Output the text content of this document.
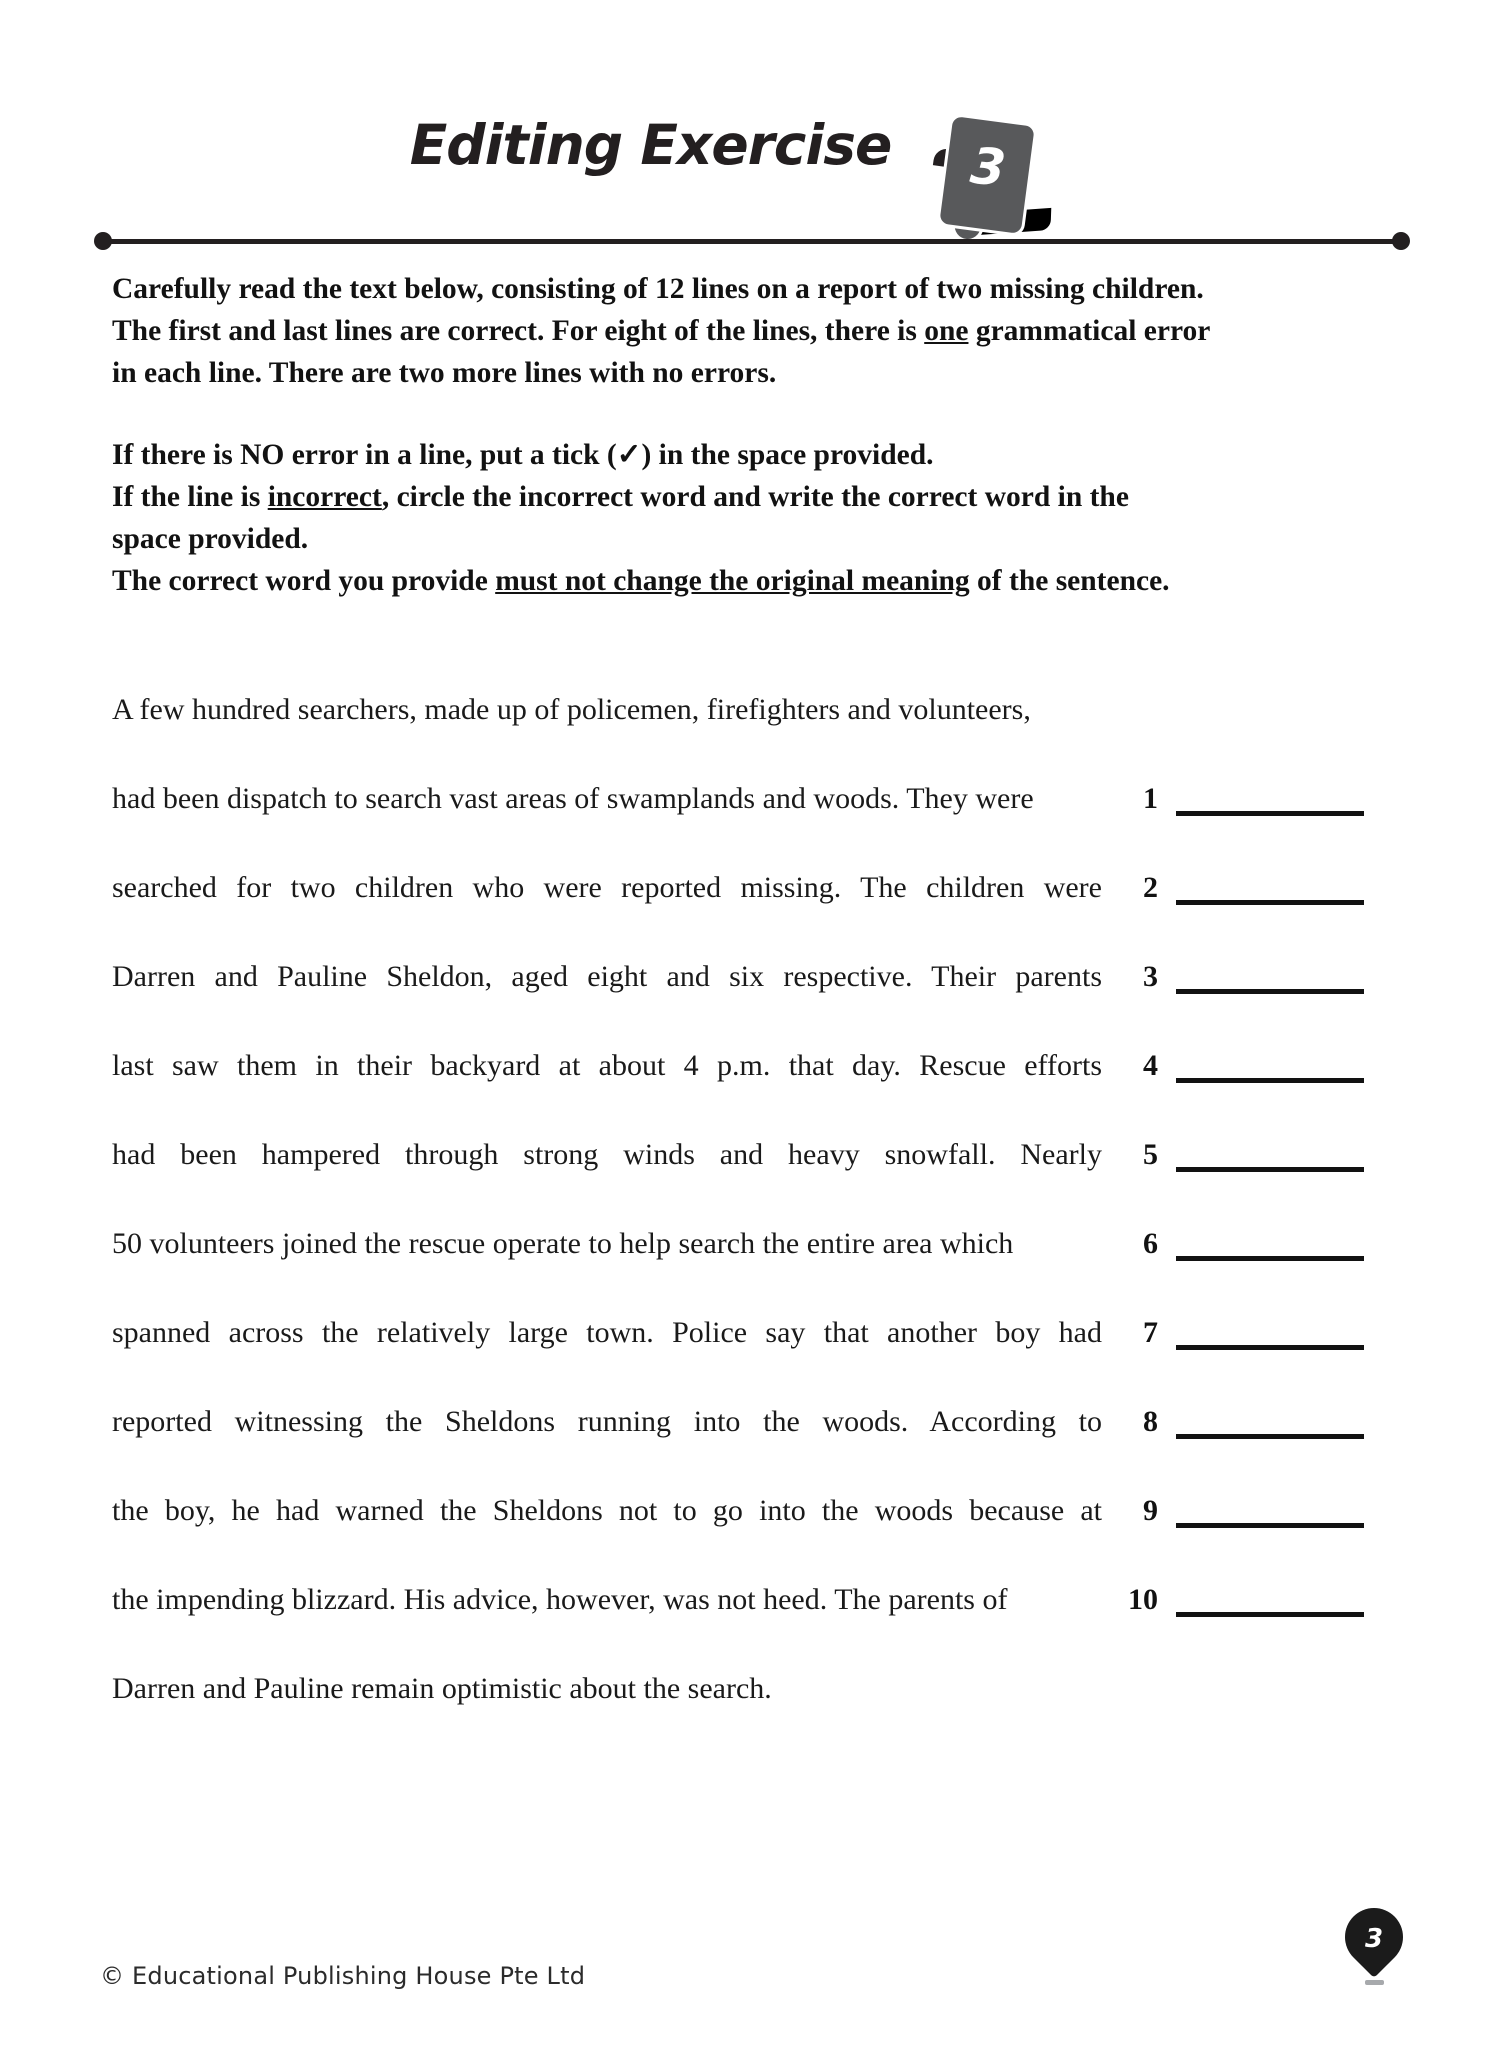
Editing Exercise	3

Carefully read the text below, consisting of 12 lines on a report of two missing children.

The first and last lines are correct. For eight of the lines, there is one grammatical error

in each line. There are two more lines with no errors.

If there is NO error in a line, put a tick (✓) in the space provided.

If the line is incorrect, circle the incorrect word and write the correct word in the

space provided.

The correct word you provide must not change the original meaning of the sentence.

A few hundred searchers, made up of policemen, firefighters and volunteers,
had been dispatch to search vast areas of swamplands and woods. They were	1
searched for two children who were reported missing. The children were	2
Darren and Pauline Sheldon, aged eight and six respective. Their parents	3
last saw them in their backyard at about 4 p.m. that day. Rescue efforts	4
had been hampered through strong winds and heavy snowfall. Nearly	5
50 volunteers joined the rescue operate to help search the entire area which	6
spanned across the relatively large town. Police say that another boy had	7
reported witnessing the Sheldons running into the woods. According to	8
the boy, he had warned the Sheldons not to go into the woods because at	9
the impending blizzard. His advice, however, was not heed. The parents of	10
Darren and Pauline remain optimistic about the search.
© Educational Publishing House Pte Ltd
3
